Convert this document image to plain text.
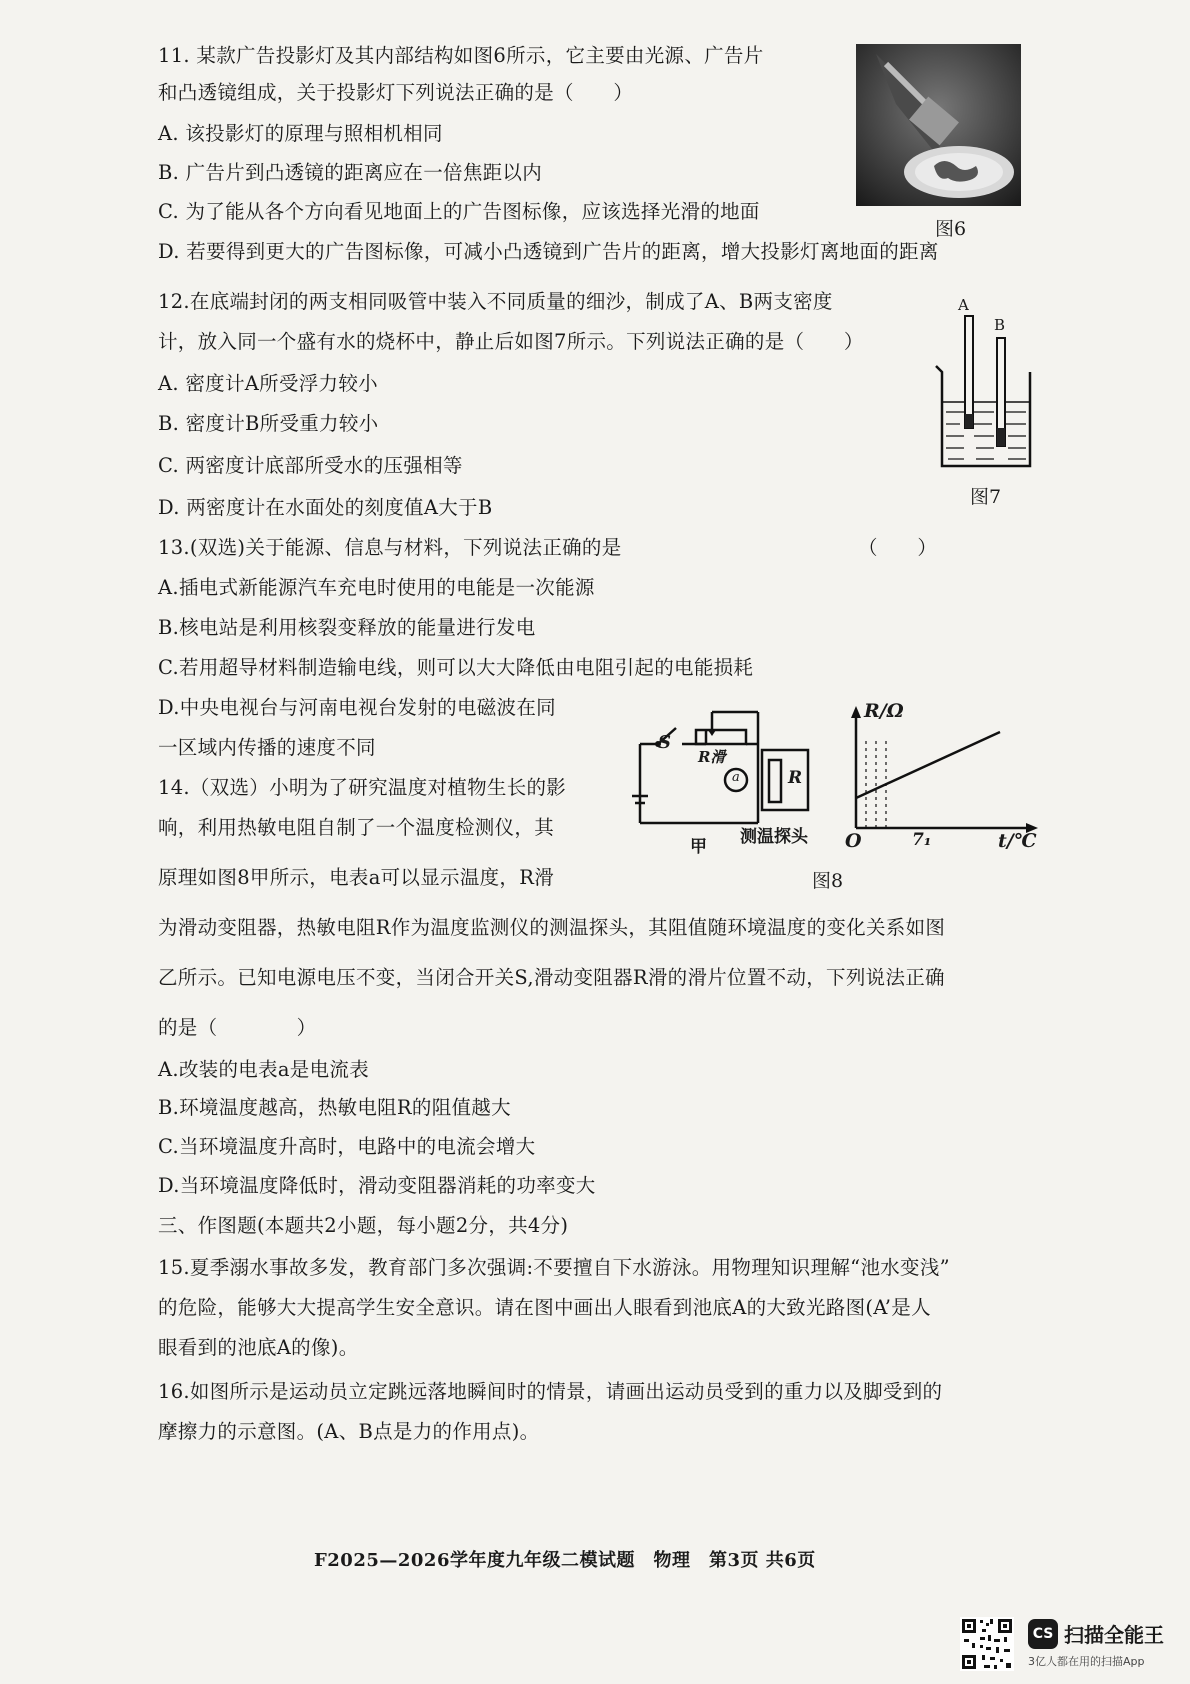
11. 某款广告投影灯及其内部结构如图6所示，它主要由光源、广告片
和凸透镜组成，关于投影灯下列说法正确的是（　　）
A. 该投影灯的原理与照相机相同
B. 广告片到凸透镜的距离应在一倍焦距以内
C. 为了能从各个方向看见地面上的广告图标像，应该选择光滑的地面
D. 若要得到更大的广告图标像，可减小凸透镜到广告片的距离，增大投影灯离地面的距离
图6
12.在底端封闭的两支相同吸管中装入不同质量的细沙，制成了A、B两支密度
计，放入同一个盛有水的烧杯中，静止后如图7所示。下列说法正确的是（　　）
A. 密度计A所受浮力较小
B. 密度计B所受重力较小
C. 两密度计底部所受水的压强相等
D. 两密度计在水面处的刻度值A大于B
A
B
图7
13.(双选)关于能源、信息与材料，下列说法正确的是	（　　）
A.插电式新能源汽车充电时使用的电能是一次能源
B.核电站是利用核裂变释放的能量进行发电
C.若用超导材料制造输电线，则可以大大降低由电阻引起的电能损耗
D.中央电视台与河南电视台发射的电磁波在同
一区域内传播的速度不同
14.（双选）小明为了研究温度对植物生长的影
响，利用热敏电阻自制了一个温度检测仪，其
原理如图8甲所示，电表a可以显示温度，R滑
为滑动变阻器，热敏电阻R作为温度监测仪的测温探头，其阻值随环境温度的变化关系如图
乙所示。已知电源电压不变，当闭合开关S,滑动变阻器R滑的滑片位置不动，下列说法正确
的是（　　　　）
A.改装的电表a是电流表
B.环境温度越高，热敏电阻R的阻值越大
C.当环境温度升高时，电路中的电流会增大
D.当环境温度降低时，滑动变阻器消耗的功率变大
S
R滑
a	R
甲 测温探头
R/Ω
t/℃
O	7₁
图8
三、作图题(本题共2小题，每小题2分，共4分)
15.夏季溺水事故多发，教育部门多次强调:不要擅自下水游泳。用物理知识理解“池水变浅”
的危险，能够大大提高学生安全意识。请在图中画出人眼看到池底A的大致光路图(A’是人
眼看到的池底A的像)。
16.如图所示是运动员立定跳远落地瞬间时的情景，请画出运动员受到的重力以及脚受到的
摩擦力的示意图。(A、B点是力的作用点)。
F2025—2026学年度九年级二模试题　物理　第3页 共6页
CS 扫描全能王
3亿人都在用的扫描App
